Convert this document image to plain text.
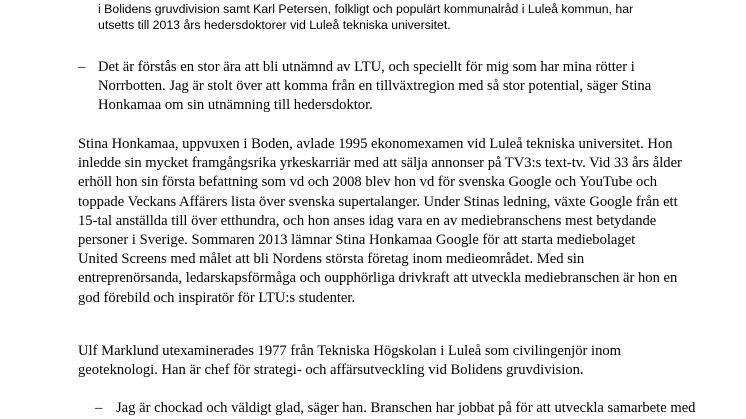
i Bolidens gruvdivision samt Karl Petersen, folkligt och populärt kommunalråd i Luleå kommun, har
utsetts till 2013 års hedersdoktorer vid Luleå tekniska universitet.
– Det är förstås en stor ära att bli utnämnd av LTU, och speciellt för mig som har mina rötter i
Norrbotten. Jag är stolt över att komma från en tillväxtregion med så stor potential, säger Stina
Honkamaa om sin utnämning till hedersdoktor.
Stina Honkamaa, uppvuxen i Boden, avlade 1995 ekonomexamen vid Luleå tekniska universitet. Hon
inledde sin mycket framgångsrika yrkeskarriär med att sälja annonser på TV3:s text-tv. Vid 33 års ålder
erhöll hon sin första befattning som vd och 2008 blev hon vd för svenska Google och YouTube och
toppade Veckans Affärers lista över svenska supertalanger. Under Stinas ledning, växte Google från ett
15-tal anställda till över etthundra, och hon anses idag vara en av mediebranschens mest betydande
personer i Sverige. Sommaren 2013 lämnar Stina Honkamaa Google för att starta mediebolaget
United Screens med målet att bli Nordens största företag inom medieområdet. Med sin
entreprenörsanda, ledarskapsförmåga och oupphörliga drivkraft att utveckla mediebranschen är hon en
god förebild och inspiratör för LTU:s studenter.
Ulf Marklund utexaminerades 1977 från Tekniska Högskolan i Luleå som civilingenjör inom
geoteknologi. Han är chef för strategi- och affärsutveckling vid Bolidens gruvdivision.
– Jag är chockad och väldigt glad, säger han. Branschen har jobbat på för att utveckla samarbete med
